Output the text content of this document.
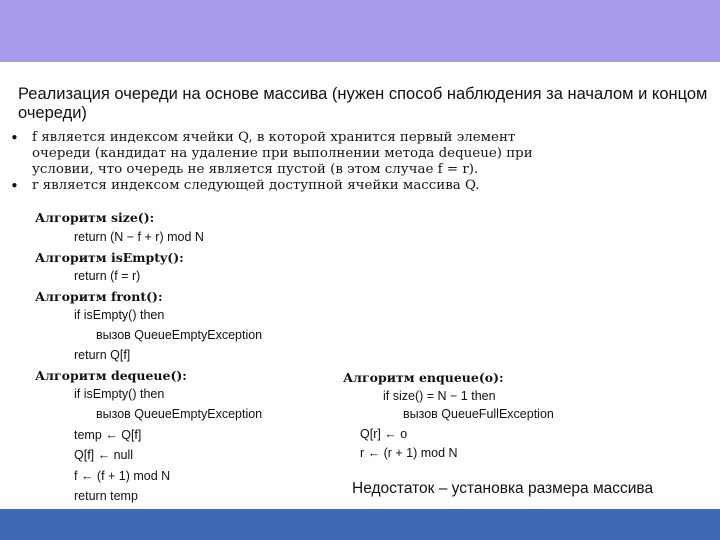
Реализация очереди на основе массива (нужен способ наблюдения за началом и концом очереди)
• f является индексом ячейки Q, в которой хранится первый элемент очереди (кандидат на удаление при выполнении метода dequeue) при условии, что очередь не является пустой (в этом случае f = r).
• r является индексом следующей доступной ячейки массива Q.
Алгоритм size():
return (N − f + r) mod N
Алгоритм isEmpty():
return (f = r)
Алгоритм front():
if isEmpty() then
вызов QueueEmptyException
return Q[f]
Алгоритм dequeue():
if isEmpty() then
вызов QueueEmptyException
temp ← Q[f]
Q[f] ← null
f ← (f + 1) mod N
return temp
Алгоритм enqueue(o):
if size() = N − 1 then
вызов QueueFullException
Q[r] ← o
r ← (r + 1) mod N
Недостаток – установка размера массива
